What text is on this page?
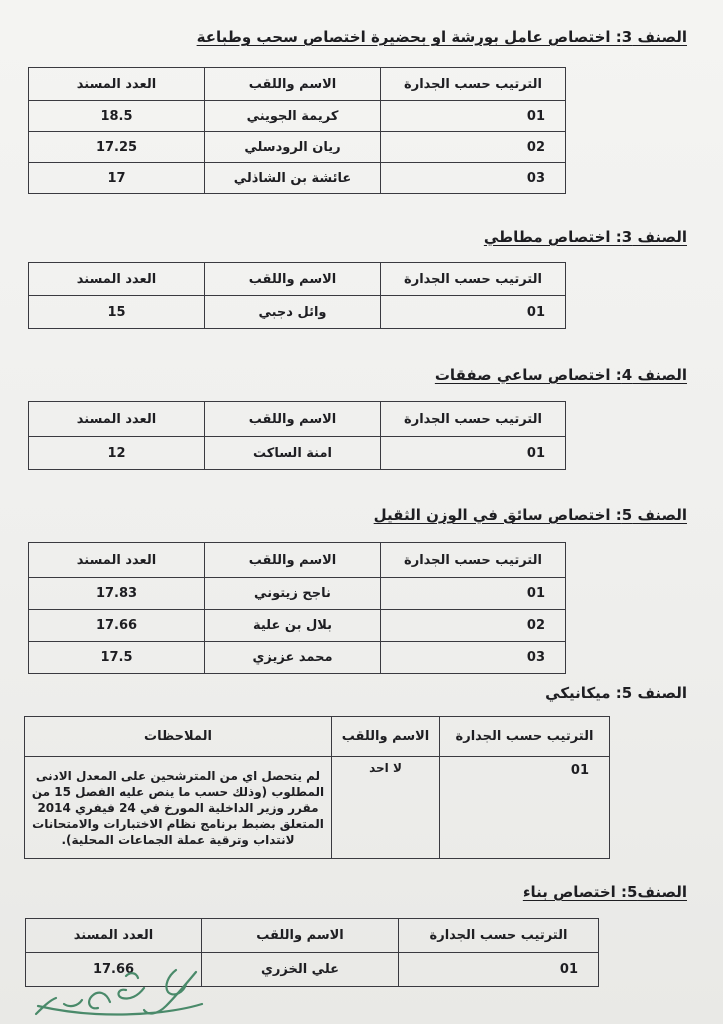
الصنف 3: اختصاص عامل بورشة او بحضيرة اختصاص سحب وطباعة
الترتيب حسب الجدارة	الاسم واللقب	العدد المسند
01	كريمة الجويني	18.5
02	ريان الرودسلي	17.25
03	عائشة بن الشاذلي	17
الصنف 3: اختصاص مطاطي
الترتيب حسب الجدارة	الاسم واللقب	العدد المسند
01	وائل دجبي	15
الصنف 4: اختصاص ساعي صفقات
الترتيب حسب الجدارة	الاسم واللقب	العدد المسند
01	امنة الساكت	12
الصنف 5: اختصاص سائق في الوزن الثقيل
الترتيب حسب الجدارة	الاسم واللقب	العدد المسند
01	ناجح زيتوني	17.83
02	بلال بن علية	17.66
03	محمد عزيزي	17.5
الصنف 5: ميكانيكي
الترتيب حسب الجدارة	الاسم واللقب	الملاحظات
01	لا احد	لم يتحصل اي من المترشحين على المعدل الادنى المطلوب (وذلك حسب ما ينص عليه الفصل 15 من مقرر وزير الداخلية المورخ في 24 فيفري 2014 المتعلق بضبط برنامج نظام الاختبارات والامتحانات لانتداب وترقية عملة الجماعات المحلية).
الصنف5: اختصاص بناء
الترتيب حسب الجدارة	الاسم واللقب	العدد المسند
01	علي الخزري	17.66
